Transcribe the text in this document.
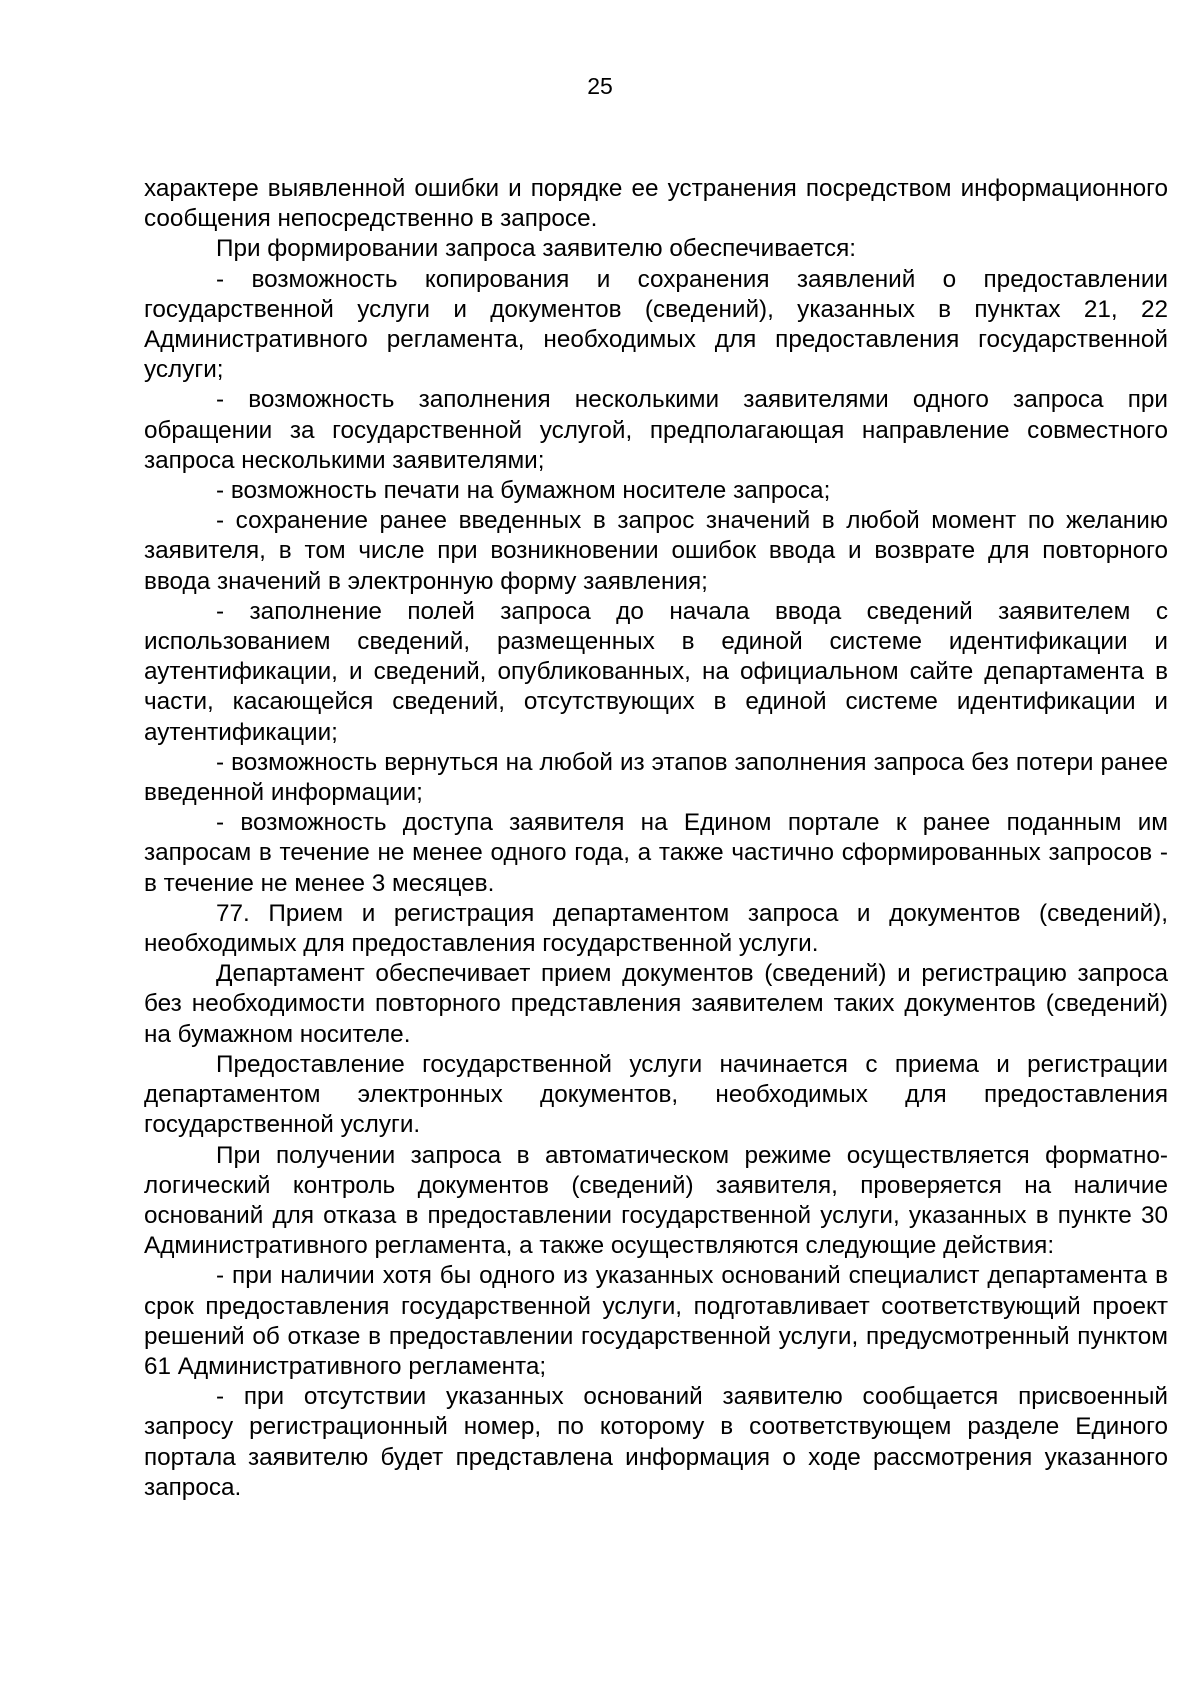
25

характере выявленной ошибки и порядке ее устранения посредством информационного сообщения непосредственно в запросе.

При формировании запроса заявителю обеспечивается:

- возможность копирования и сохранения заявлений о предоставлении государственной услуги и документов (сведений), указанных в пунктах 21, 22 Административного регламента, необходимых для предоставления государственной услуги;

- возможность заполнения несколькими заявителями одного запроса при обращении за государственной услугой, предполагающая направление совместного запроса несколькими заявителями;

- возможность печати на бумажном носителе запроса;

- сохранение ранее введенных в запрос значений в любой момент по желанию заявителя, в том числе при возникновении ошибок ввода и возврате для повторного ввода значений в электронную форму заявления;

- заполнение полей запроса до начала ввода сведений заявителем с использованием сведений, размещенных в единой системе идентификации и аутентификации, и сведений, опубликованных, на официальном сайте департамента в части, касающейся сведений, отсутствующих в единой системе идентификации и аутентификации;

- возможность вернуться на любой из этапов заполнения запроса без потери ранее введенной информации;

- возможность доступа заявителя на Едином портале к ранее поданным им запросам в течение не менее одного года, а также частично сформированных запросов - в течение не менее 3 месяцев.

77. Прием и регистрация департаментом запроса и документов (сведений), необходимых для предоставления государственной услуги.

Департамент обеспечивает прием документов (сведений) и регистрацию запроса без необходимости повторного представления заявителем таких документов (сведений) на бумажном носителе.

Предоставление государственной услуги начинается с приема и регистрации департаментом электронных документов, необходимых для предоставления государственной услуги.

При получении запроса в автоматическом режиме осуществляется форматно-логический контроль документов (сведений) заявителя, проверяется на наличие оснований для отказа в предоставлении государственной услуги, указанных в пункте 30 Административного регламента, а также осуществляются следующие действия:

- при наличии хотя бы одного из указанных оснований специалист департамента в срок предоставления государственной услуги, подготавливает соответствующий проект решений об отказе в предоставлении государственной услуги, предусмотренный пунктом 61 Административного регламента;

- при отсутствии указанных оснований заявителю сообщается присвоенный запросу регистрационный номер, по которому в соответствующем разделе Единого портала заявителю будет представлена информация о ходе рассмотрения указанного запроса.
